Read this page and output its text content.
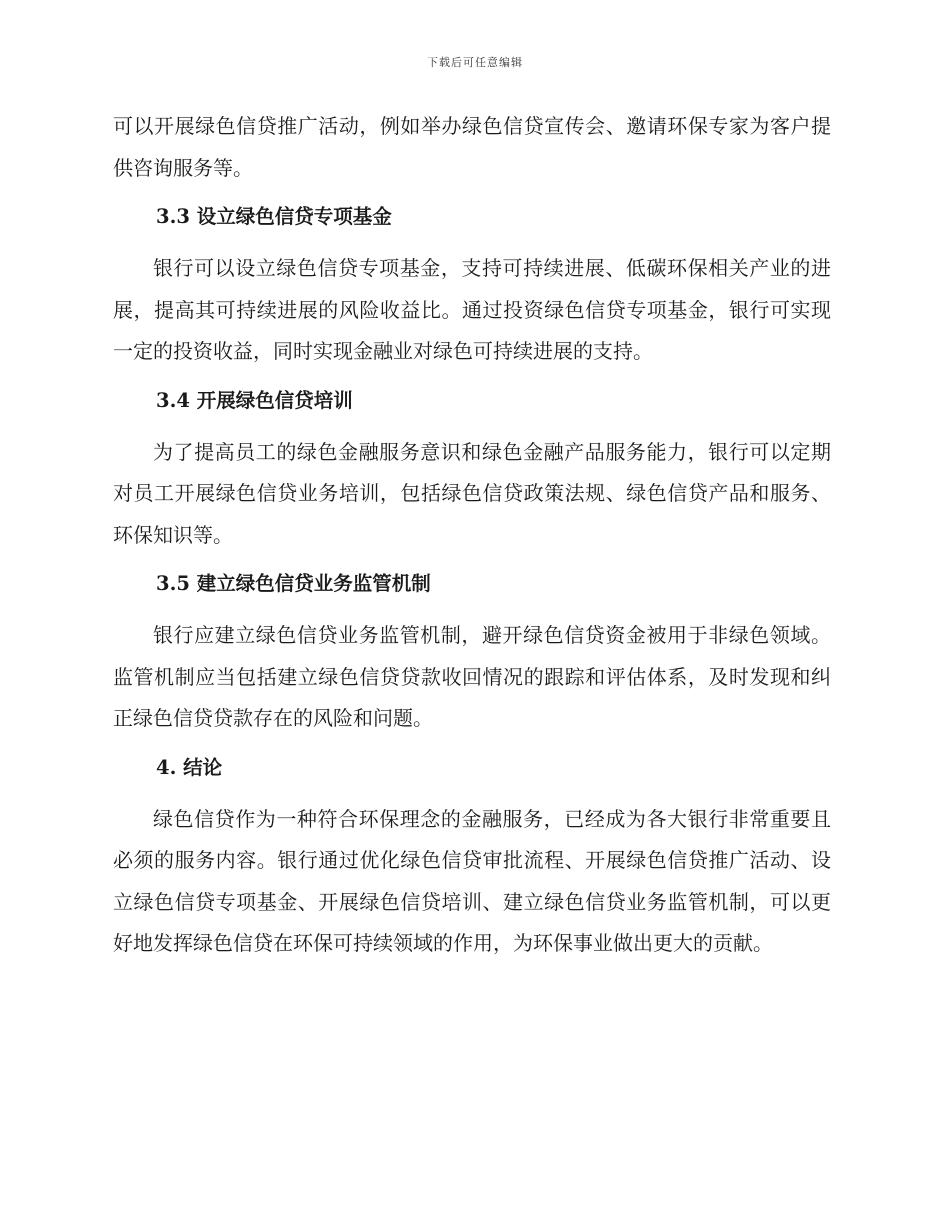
下载后可任意编辑

可以开展绿色信贷推广活动，例如举办绿色信贷宣传会、邀请环保专家为客户提供咨询服务等。

3.3 设立绿色信贷专项基金

银行可以设立绿色信贷专项基金，支持可持续进展、低碳环保相关产业的进展，提高其可持续进展的风险收益比。通过投资绿色信贷专项基金，银行可实现一定的投资收益，同时实现金融业对绿色可持续进展的支持。

3.4 开展绿色信贷培训

为了提高员工的绿色金融服务意识和绿色金融产品服务能力，银行可以定期对员工开展绿色信贷业务培训，包括绿色信贷政策法规、绿色信贷产品和服务、环保知识等。

3.5 建立绿色信贷业务监管机制

银行应建立绿色信贷业务监管机制，避开绿色信贷资金被用于非绿色领域。监管机制应当包括建立绿色信贷贷款收回情况的跟踪和评估体系，及时发现和纠正绿色信贷贷款存在的风险和问题。

4. 结论

绿色信贷作为一种符合环保理念的金融服务，已经成为各大银行非常重要且必须的服务内容。银行通过优化绿色信贷审批流程、开展绿色信贷推广活动、设立绿色信贷专项基金、开展绿色信贷培训、建立绿色信贷业务监管机制，可以更好地发挥绿色信贷在环保可持续领域的作用，为环保事业做出更大的贡献。
